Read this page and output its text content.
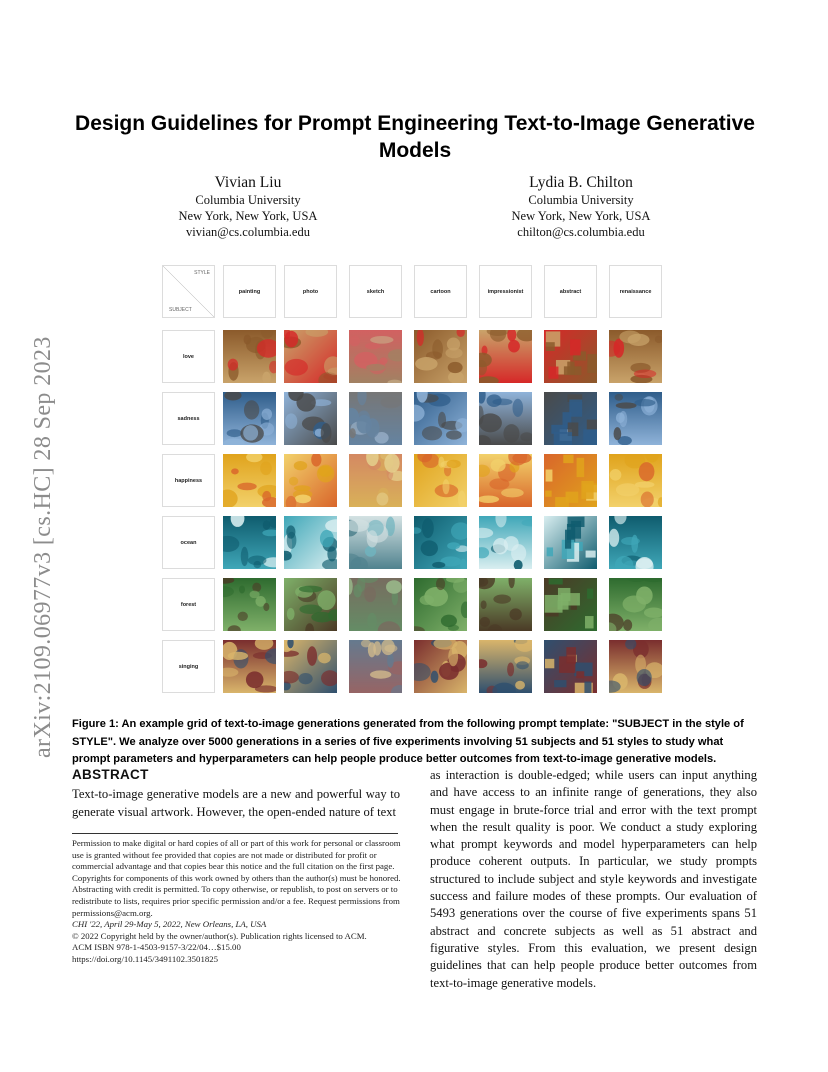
arXiv:2109.06977v3 [cs.HC] 28 Sep 2023
Design Guidelines for Prompt Engineering Text-to-Image Generative Models
Vivian Liu
Columbia University
New York, New York, USA
vivian@cs.columbia.edu
Lydia B. Chilton
Columbia University
New York, New York, USA
chilton@cs.columbia.edu
STYLE
SUBJECT
painting	photo	sketch	cartoon	impressionist	abstract	renaissance
love
sadness
happiness
ocean
forest
singing

Figure 1: An example grid of text-to-image generations generated from the following prompt template: "SUBJECT in the style of STYLE". We analyze over 5000 generations in a series of five experiments involving 51 subjects and 51 styles to study what prompt parameters and hyperparameters can help people produce better outcomes from text-to-image generative models.

ABSTRACT

Text-to-image generative models are a new and powerful way to generate visual artwork. However, the open-ended nature of text

as interaction is double-edged; while users can input anything and have access to an infinite range of generations, they also must engage in brute-force trial and error with the text prompt when the result quality is poor. We conduct a study exploring what prompt keywords and model hyperparameters can help produce coherent outputs. In particular, we study prompts structured to include subject and style keywords and investigate success and failure modes of these prompts. Our evaluation of 5493 generations over the course of five experiments spans 51 abstract and concrete subjects as well as 51 abstract and figurative styles. From this evaluation, we present design guidelines that can help people produce better outcomes from text-to-image generative models.

Permission to make digital or hard copies of all or part of this work for personal or classroom use is granted without fee provided that copies are not made or distributed for profit or commercial advantage and that copies bear this notice and the full citation on the first page. Copyrights for components of this work owned by others than the author(s) must be honored. Abstracting with credit is permitted. To copy otherwise, or republish, to post on servers or to redistribute to lists, requires prior specific permission and/or a fee. Request permissions from permissions@acm.org.
CHI '22, April 29-May 5, 2022, New Orleans, LA, USA
© 2022 Copyright held by the owner/author(s). Publication rights licensed to ACM.
ACM ISBN 978-1-4503-9157-3/22/04…$15.00
https://doi.org/10.1145/3491102.3501825
